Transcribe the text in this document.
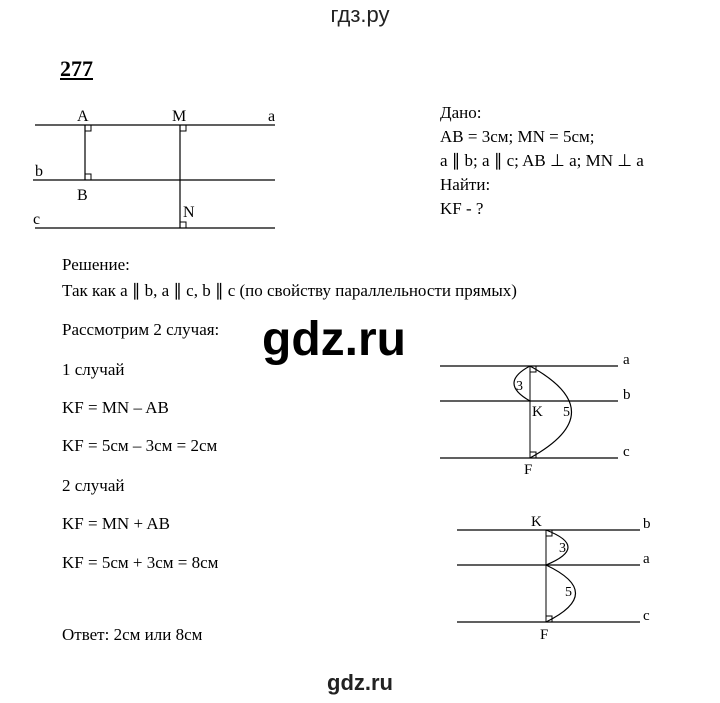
гдз.ру
277
A	M	a
b
B
c	N
Дано:
AB = 3см; MN = 5см;
a ∥ b; a ∥ c; AB ⊥ a; MN ⊥ a
Найти:
KF - ?
Решение:
Так как a ∥ b, a ∥ c, b ∥ c (по свойству параллельности прямых)
Рассмотрим 2 случая: gdz.ru
1 случай
KF = MN – AB
KF = 5см – 3см = 2см
2 случай
KF = MN + AB
KF = 5см + 3см = 8см
Ответ: 2см или 8см
a
b
c
3
5
K
F
K	b
3
a
5
c
F
gdz.ru
